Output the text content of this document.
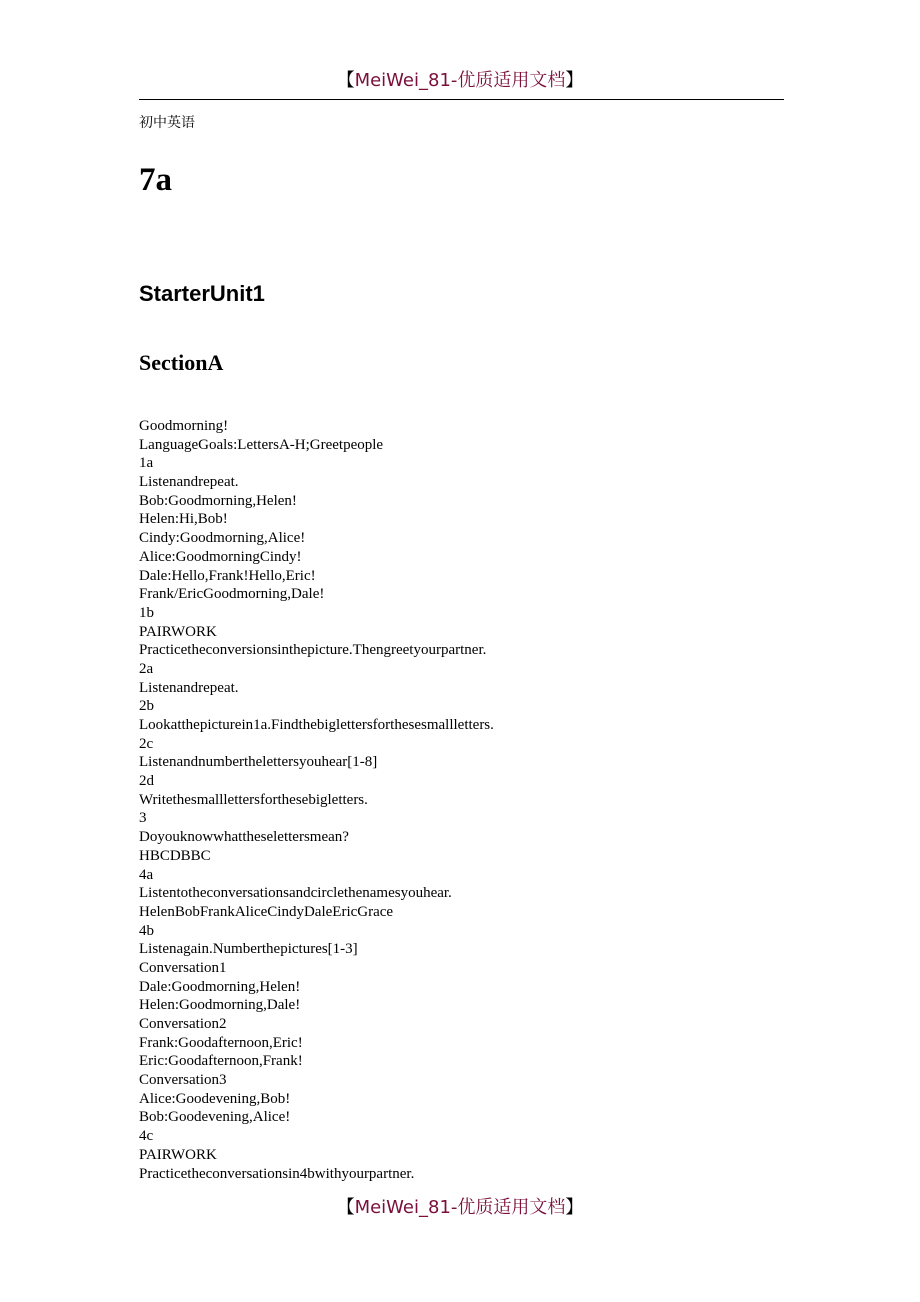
【MeiWei_81-优质适用文档】
初中英语
7a
StarterUnit1
SectionA
Goodmorning!
LanguageGoals:LettersA-H;Greetpeople
1a
Listenandrepeat.
Bob:Goodmorning,Helen!
Helen:Hi,Bob!
Cindy:Goodmorning,Alice!
Alice:GoodmorningCindy!
Dale:Hello,Frank!Hello,Eric!
Frank/EricGoodmorning,Dale!
1b
PAIRWORK
Practicetheconversionsinthepicture.Thengreetyourpartner.
2a
Listenandrepeat.
2b
Lookatthepicturein1a.Findthebiglettersforthesesmallletters.
2c
Listenandnumberthelettersyouhear[1-8]
2d
Writethesmalllettersforthesebigletters.
3
Doyouknowwhattheselettersmean?
HBCDBBC
4a
Listentotheconversationsandcirclethenamesyouhear.
HelenBobFrankAliceCindyDaleEricGrace
4b
Listenagain.Numberthepictures[1-3]
Conversation1
Dale:Goodmorning,Helen!
Helen:Goodmorning,Dale!
Conversation2
Frank:Goodafternoon,Eric!
Eric:Goodafternoon,Frank!
Conversation3
Alice:Goodevening,Bob!
Bob:Goodevening,Alice!
4c
PAIRWORK
Practicetheconversationsin4bwithyourpartner.
【MeiWei_81-优质适用文档】
